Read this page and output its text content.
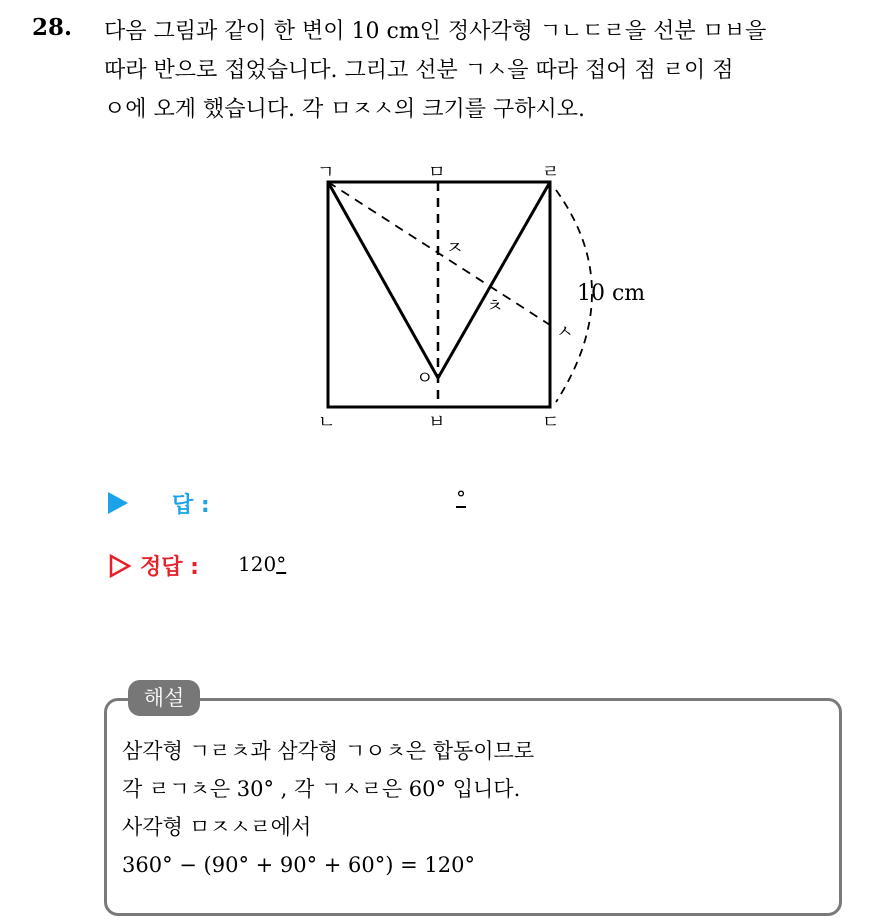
28. 다음 그림과 같이 한 변이 10 cm인 정사각형 ㄱㄴㄷㄹ을 선분 ㅁㅂ을

따라 반으로 접었습니다. 그리고 선분 ㄱㅅ을 따라 접어 점 ㄹ이 점

ㅇ에 오게 했습니다. 각 ㅁㅈㅅ의 크기를 구하시오.

ㄱ	ㅁ	ㄹ
ㄴ	ㅂ	ㄷ
ㅈ
ㅊ
ㅅ
ㅇ
10 cm
답 :	°
정답 : 120°
해설

삼각형 ㄱㄹㅊ과 삼각형 ㄱㅇㅊ은 합동이므로

각 ㄹㄱㅊ은 30° , 각 ㄱㅅㄹ은 60° 입니다.

사각형 ㅁㅈㅅㄹ에서

360° − (90° + 90° + 60°) = 120°
